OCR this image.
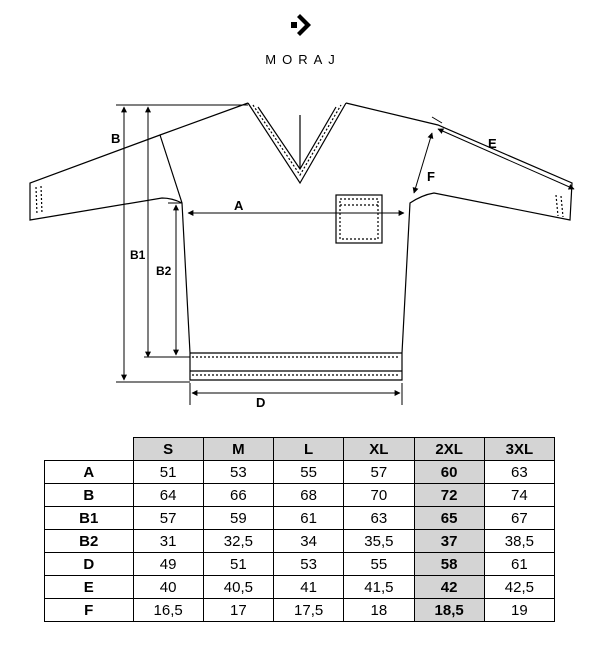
MORAJ
B
B1
B2
A
D
E
F
	S	M	L	XL	2XL	3XL
A	51	53	55	57	60	63
B	64	66	68	70	72	74
B1	57	59	61	63	65	67
B2	31	32,5	34	35,5	37	38,5
D	49	51	53	55	58	61
E	40	40,5	41	41,5	42	42,5
F	16,5	17	17,5	18	18,5	19
